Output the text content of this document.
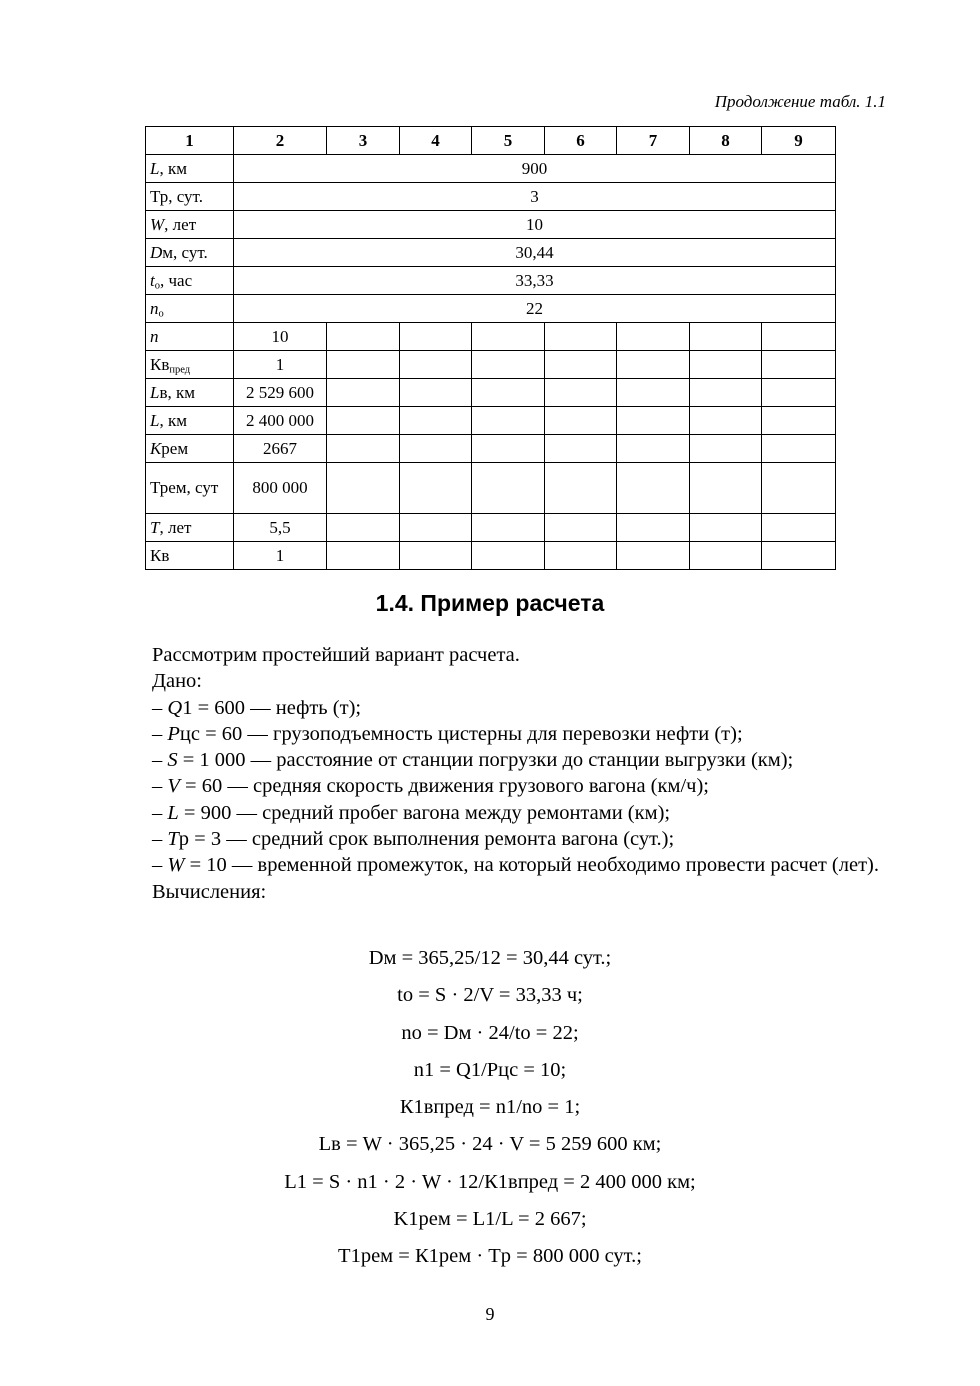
Продолжение табл. 1.1
1	2	3	4	5	6	7	8	9
L, км	900							
Тр, сут.	3							
W, лет	10							
Dм, сут.	30,44							
$t_о$, час	33,33							
$n_о$	22							
n	10							
$Кв_{пред}$	1							
Lв, км	2 529 600							
L, км	2 400 000							
Крем	2667							
Трем, сут	800 000							
T, лет	5,5							
Кв	1							
1.4. Пример расчета

Рассмотрим простейший вариант расчета.

Дано:

– Q1 = 600 — нефть (т);

– Pцс = 60 — грузоподъемность цистерны для перевозки нефти (т);

– S = 1 000 — расстояние от станции погрузки до станции выгрузки (км);

– V = 60 — средняя скорость движения грузового вагона (км/ч);

– L = 900 — средний пробег вагона между ремонтами (км);

– Tр = 3 — средний срок выполнения ремонта вагона (сут.);

– W = 10 — временной промежуток, на который необходимо провести расчет (лет).

Вычисления:

Dм = 365,25/12 = 30,44 сут.;
tо = S · 2/V = 33,33 ч;
nо = Dм · 24/tо = 22;
n1 = Q1/Pцс = 10;
К1впред = n1/nо = 1;
Lв = W · 365,25 · 24 · V = 5 259 600 км;
L1 = S · n1 · 2 · W · 12/К1впред = 2 400 000 км;
K1рем = L1/L = 2 667;
Т1рем = К1рем · Tр = 800 000 сут.;
9
